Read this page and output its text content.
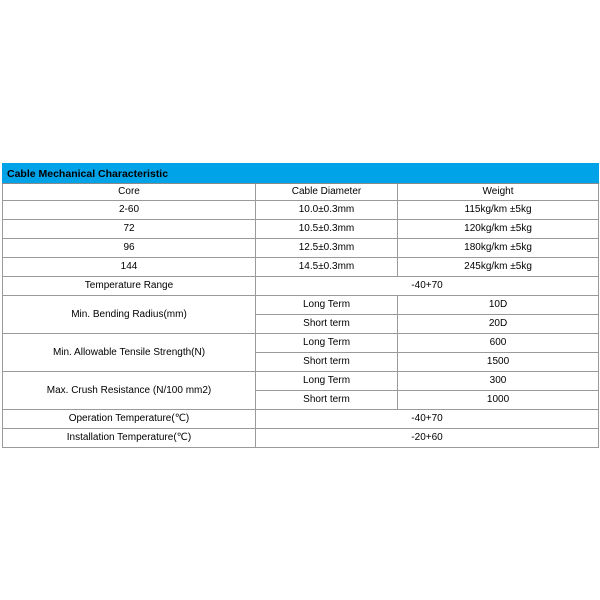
Cable Mechanical Characteristic		
Core	Cable Diameter	Weight
2-60	10.0±0.3mm	115kg/km ±5kg
72	10.5±0.3mm	120kg/km ±5kg
96	12.5±0.3mm	180kg/km ±5kg
144	14.5±0.3mm	245kg/km ±5kg
Temperature Range	-40+70	
Min. Bending Radius(mm)	Long Term	10D
	Short term	20D
Min. Allowable Tensile Strength(N)	Long Term	600
	Short term	1500
Max. Crush Resistance (N/100 mm2)	Long Term	300
	Short term	1000
Operation Temperature(℃)	-40+70	
Installation Temperature(℃)	-20+60	
